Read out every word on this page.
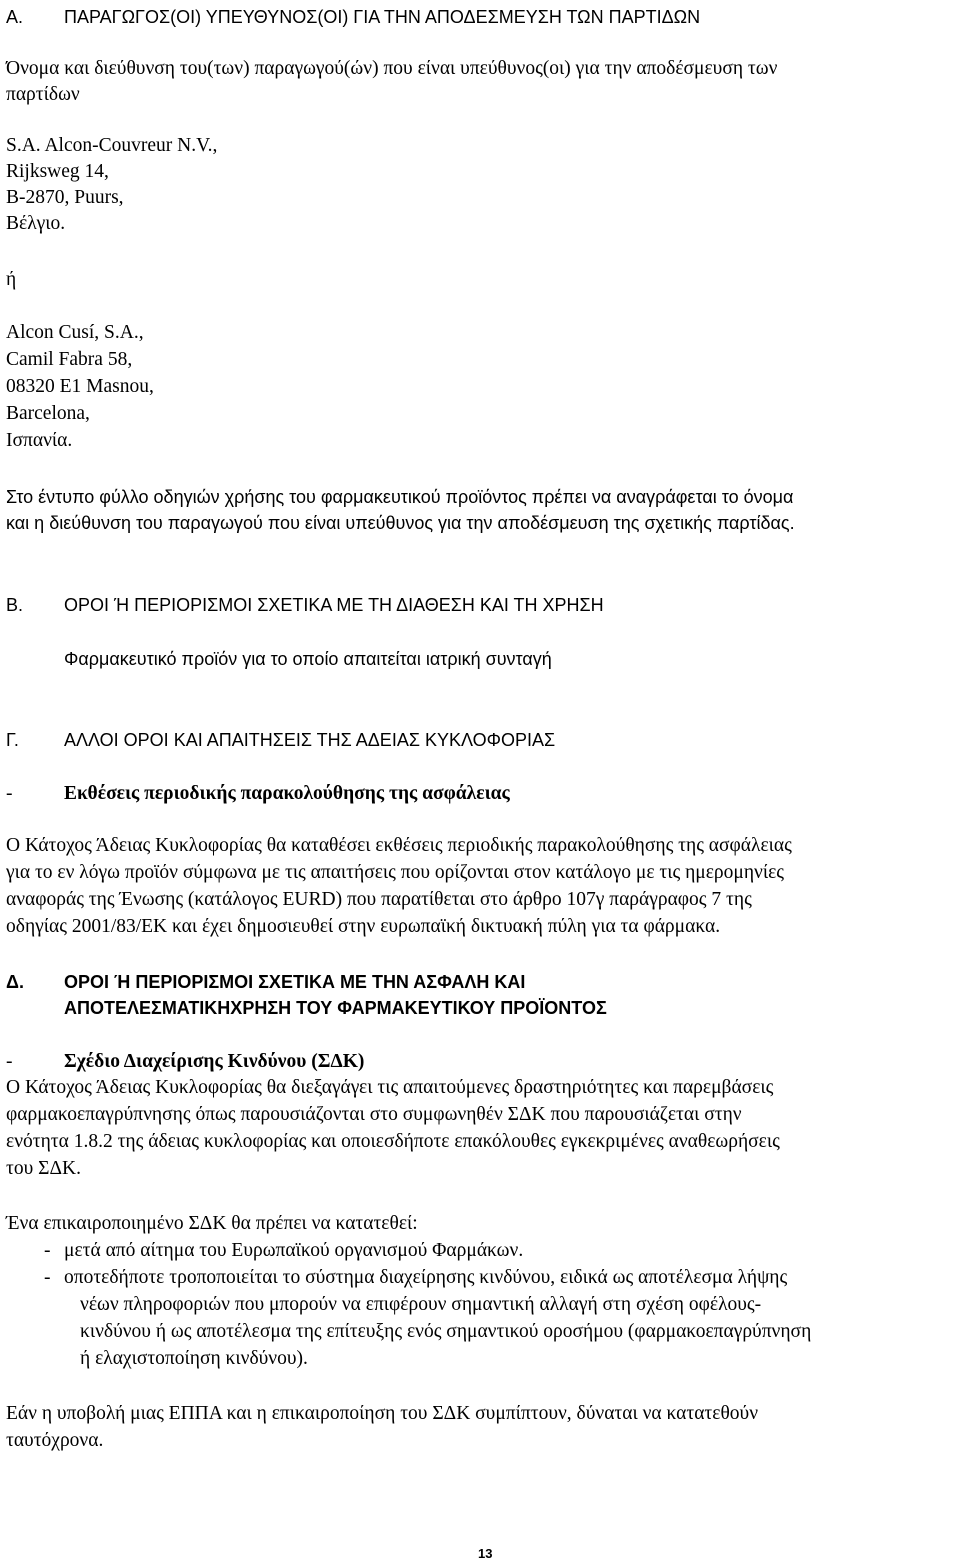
A. ΠΑΡΑΓΩΓΟΣ(ΟΙ) ΥΠΕΥΘΥΝΟΣ(ΟΙ) ΓΙΑ ΤΗΝ ΑΠΟΔΕΣΜΕΥΣΗ ΤΩΝ ΠΑΡΤΙΔΩΝ
Όνομα και διεύθυνση του(των) παραγωγού(ών) που είναι υπεύθυνος(οι) για την αποδέσμευση των
παρτίδων
S.A. Alcon-Couvreur N.V.,
Rijksweg 14,
B-2870, Puurs,
Βέλγιο.
ή
Alcon Cusí, S.A.,
Camil Fabra 58,
08320 E1 Masnou,
Barcelona,
Ισπανία.
Στο έντυπο φύλλο οδηγιών χρήσης του φαρμακευτικού προϊόντος πρέπει να αναγράφεται το όνομα
και η διεύθυνση του παραγωγού που είναι υπεύθυνος για την αποδέσμευση της σχετικής παρτίδας.
B. ΟΡΟΙ Ή ΠΕΡΙΟΡΙΣΜΟΙ ΣΧΕΤΙΚΑ ΜΕ ΤΗ ΔΙΑΘΕΣΗ ΚΑΙ ΤΗ ΧΡΗΣΗ
Φαρμακευτικό προϊόν για το οποίο απαιτείται ιατρική συνταγή
Γ.	ΑΛΛΟΙ ΟΡΟΙ ΚΑΙ ΑΠΑΙΤΗΣΕΙΣ ΤΗΣ ΑΔΕΙΑΣ ΚΥΚΛΟΦΟΡΙΑΣ
-	Εκθέσεις περιοδικής παρακολούθησης της ασφάλειας
Ο Κάτοχος Άδειας Κυκλοφορίας θα καταθέσει εκθέσεις περιοδικής παρακολούθησης της ασφάλειας
για το εν λόγω προϊόν σύμφωνα με τις απαιτήσεις που ορίζονται στον κατάλογο με τις ημερομηνίες
αναφοράς της Ένωσης (κατάλογος EURD) που παρατίθεται στο άρθρο 107γ παράγραφος 7 της
οδηγίας 2001/83/ΕΚ και έχει δημοσιευθεί στην ευρωπαϊκή δικτυακή πύλη για τα φάρμακα.
Δ. ΟΡΟΙ Ή ΠΕΡΙΟΡΙΣΜΟΙ ΣΧΕΤΙΚΑ ΜΕ ΤΗΝ ΑΣΦΑΛΗ ΚΑΙ
ΑΠΟΤΕΛΕΣΜΑΤΙΚΗΧΡΗΣΗ ΤΟΥ ΦΑΡΜΑΚΕΥΤΙΚΟΥ ΠΡΟΪΟΝΤΟΣ
-	Σχέδιο Διαχείρισης Κινδύνου (ΣΔΚ)
Ο Κάτοχος Άδειας Κυκλοφορίας θα διεξαγάγει τις απαιτούμενες δραστηριότητες και παρεμβάσεις
φαρμακοεπαγρύπνησης όπως παρουσιάζονται στο συμφωνηθέν ΣΔΚ που παρουσιάζεται στην
ενότητα 1.8.2 της άδειας κυκλοφορίας και οποιεσδήποτε επακόλουθες εγκεκριμένες αναθεωρήσεις
του ΣΔΚ.
Ένα επικαιροποιημένο ΣΔΚ θα πρέπει να κατατεθεί:
- μετά από αίτημα του Ευρωπαϊκού οργανισμού Φαρμάκων.
- οποτεδήποτε τροποποιείται το σύστημα διαχείρησης κινδύνου, ειδικά ως αποτέλεσμα λήψης
νέων πληροφοριών που μπορούν να επιφέρουν σημαντική αλλαγή στη σχέση οφέλους-
κινδύνου ή ως αποτέλεσμα της επίτευξης ενός σημαντικού οροσήμου (φαρμακοεπαγρύπνηση
ή ελαχιστοποίηση κινδύνου).
Εάν η υποβολή μιας ΕΠΠΑ και η επικαιροποίηση του ΣΔΚ συμπίπτουν, δύναται να κατατεθούν
ταυτόχρονα.
13
